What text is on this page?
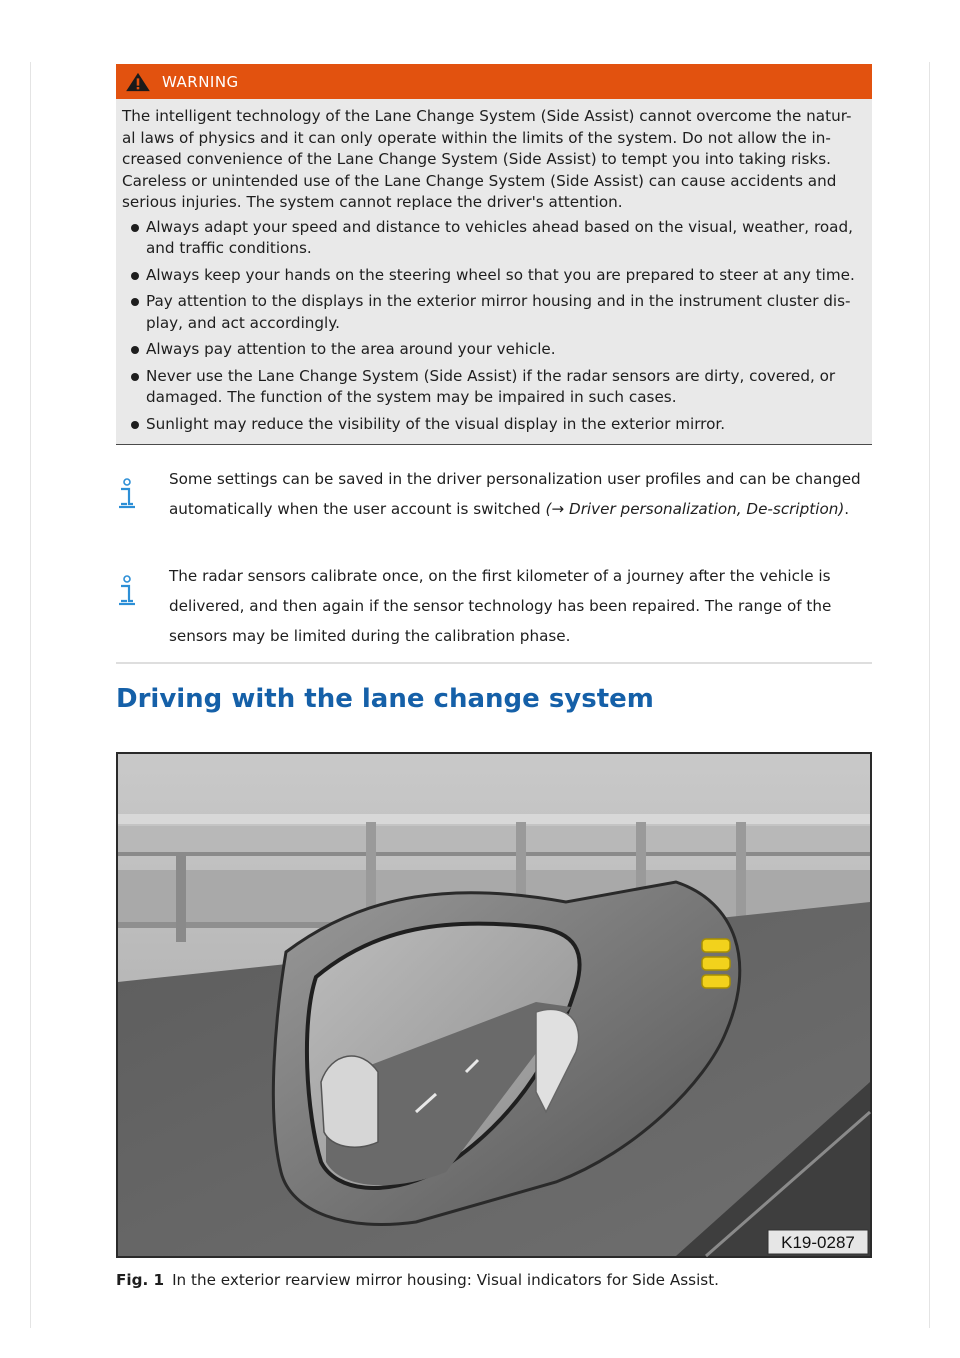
WARNING

The intelligent technology of the Lane Change System (Side Assist) cannot overcome the natur-al laws of physics and it can only operate within the limits of the system. Do not allow the in-creased convenience of the Lane Change System (Side Assist) to tempt you into taking risks. Careless or unintended use of the Lane Change System (Side Assist) can cause accidents and serious injuries. The system cannot replace the driver's attention.

Always adapt your speed and distance to vehicles ahead based on the visual, weather, road, and traffic conditions.
Always keep your hands on the steering wheel so that you are prepared to steer at any time.
Pay attention to the displays in the exterior mirror housing and in the instrument cluster dis-play, and act accordingly.
Always pay attention to the area around your vehicle.
Never use the Lane Change System (Side Assist) if the radar sensors are dirty, covered, or damaged. The function of the system may be impaired in such cases.
Sunlight may reduce the visibility of the visual display in the exterior mirror.
Some settings can be saved in the driver personalization user profiles and can be changed automatically when the user account is switched (→ Driver personalization, De-scription).
The radar sensors calibrate once, on the first kilometer of a journey after the vehicle is delivered, and then again if the sensor technology has been repaired. The range of the sensors may be limited during the calibration phase.
Driving with the lane change system
K19-0287
Fig. 1 In the exterior rearview mirror housing: Visual indicators for Side Assist.
